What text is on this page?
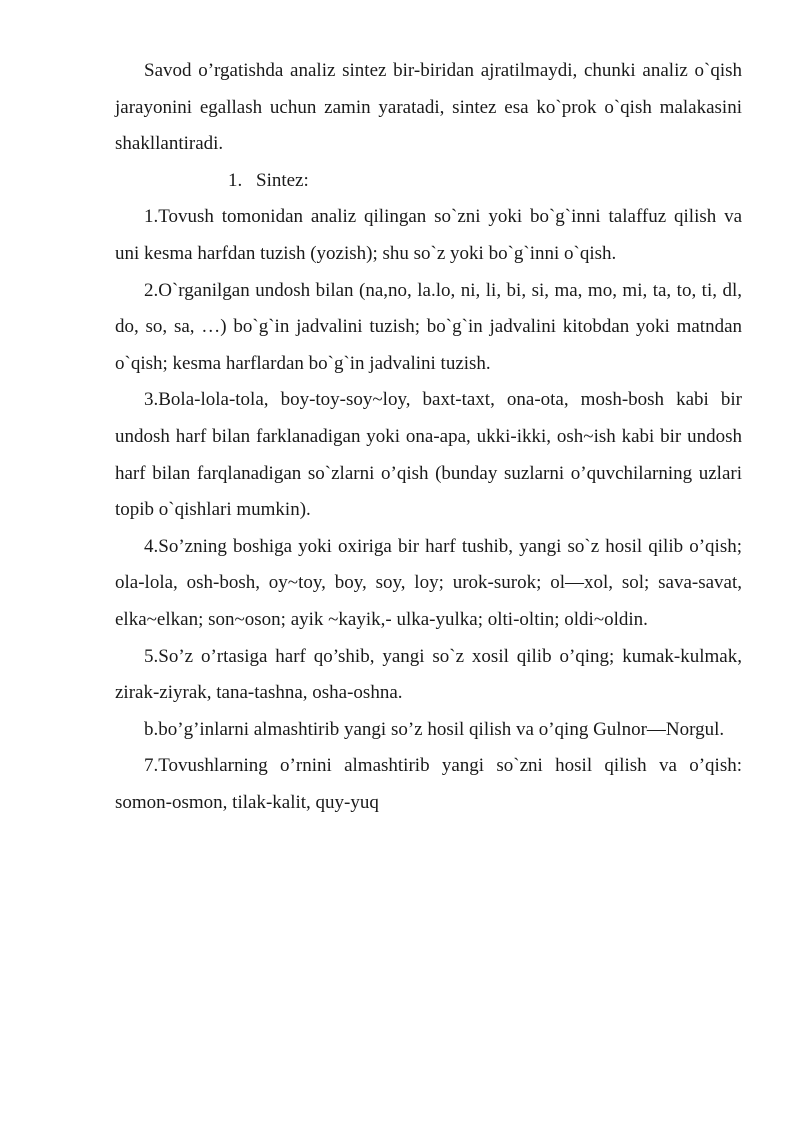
Savod o’rgatishda analiz sintez bir-biridan ajratilmaydi, chunki analiz o`qish jarayonini egallash uchun zamin yaratadi, sintez esa ko`prok o`qish malakasini shakllantiradi.

1. Sintez:

1.Tovush tomonidan analiz qilingan so`zni yoki bo`g`inni talaffuz qilish va uni kesma harfdan tuzish (yozish); shu so`z yoki bo`g`inni o`qish.

2.O`rganilgan undosh bilan (na,no, la.lo, ni, li, bi, si, ma, mo, mi, ta, to, ti, dl, do, so, sa, …) bo`g`in jadvalini tuzish; bo`g`in jadvalini kitobdan yoki matndan o`qish; kesma harflardan bo`g`in jadvalini tuzish.

3.Bola-lola-tola, boy-toy-soy~loy, baxt-taxt, ona-ota, mosh-bosh kabi bir undosh harf bilan farklanadigan yoki ona-apa, ukki-ikki, osh~ish kabi bir undosh harf bilan farqlanadigan so`zlarni o’qish (bunday suzlarni o’quvchilarning uzlari topib o`qishlari mumkin).

4.So’zning boshiga yoki oxiriga bir harf tushib, yangi so`z hosil qilib o’qish; ola-lola, osh-bosh, oy~toy, boy, soy, loy; urok-surok; ol—xol, sol; sava-savat, elka~elkan; son~oson; ayik ~kayik,- ulka-yulka; olti-oltin; oldi~oldin.

5.So’z o’rtasiga harf qo’shib, yangi so`z xosil qilib o’qing; kumak-kulmak, zirak-ziyrak, tana-tashna, osha-oshna.

b.bo’g’inlarni almashtirib yangi so’z hosil qilish va o’qing Gulnor—Norgul.

7.Tovushlarning o’rnini almashtirib yangi so`zni hosil qilish va o’qish: somon-osmon, tilak-kalit, quy-yuq
